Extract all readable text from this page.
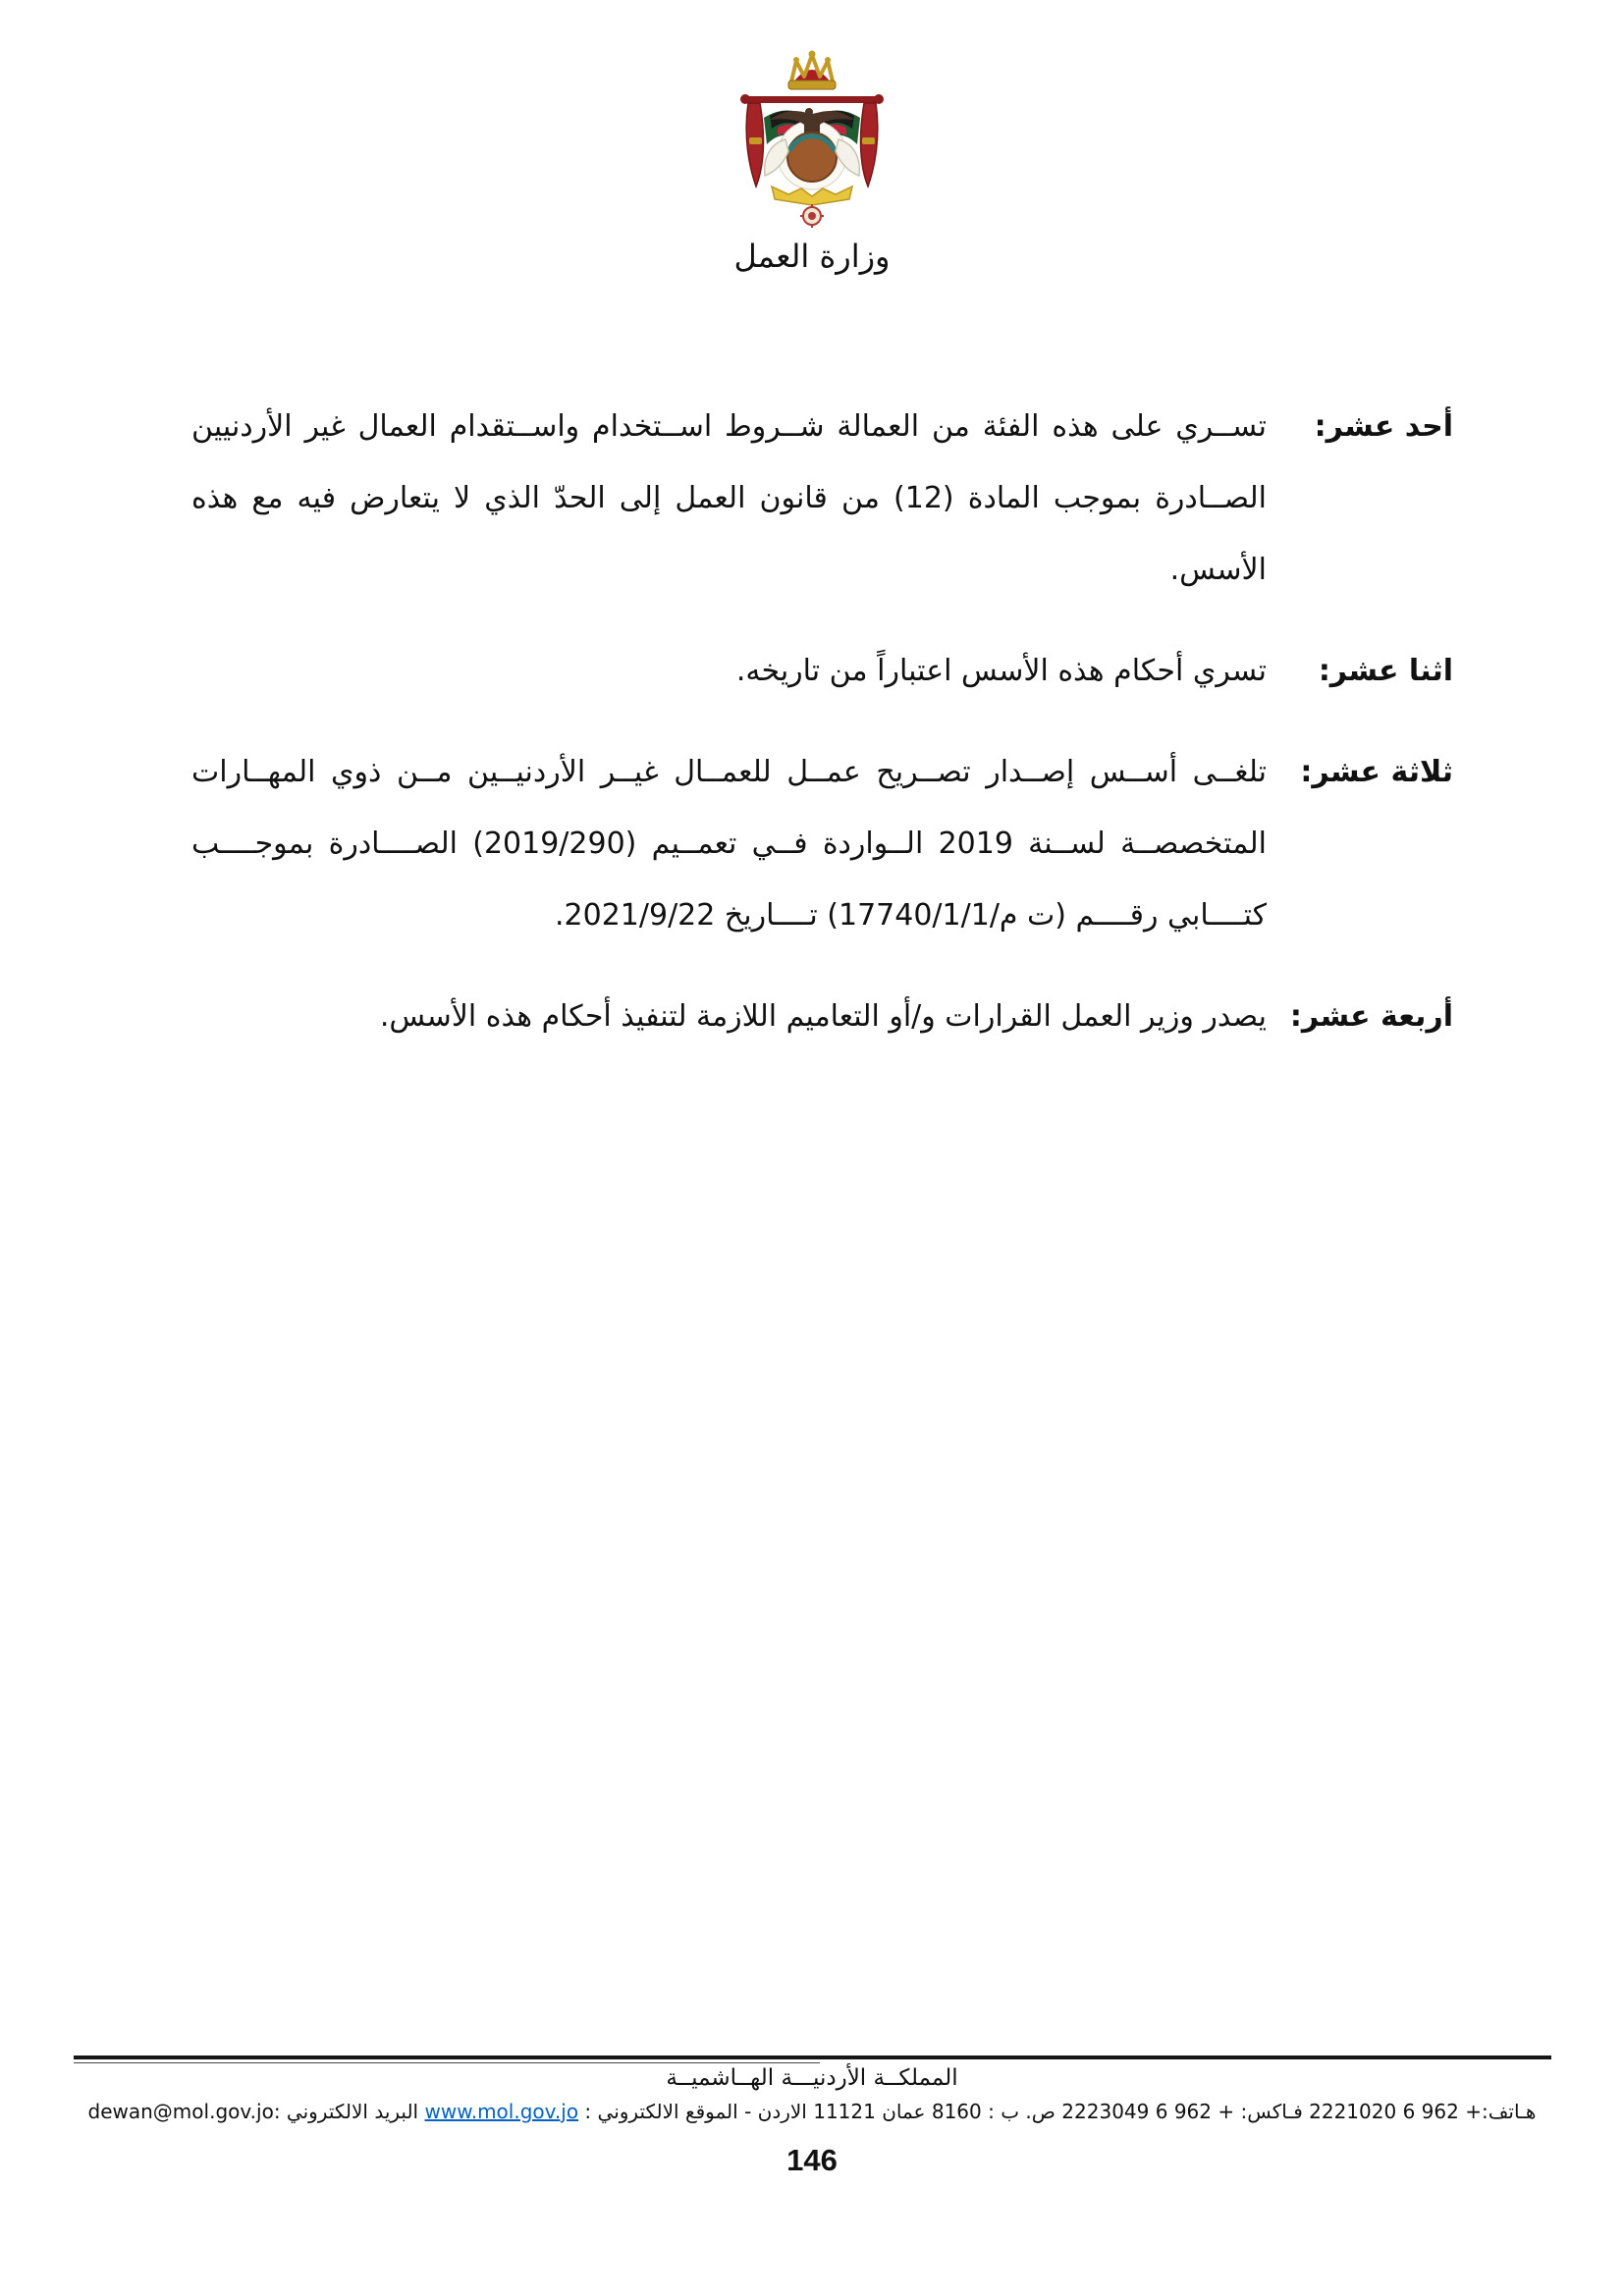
وزارة العمل
أحد عشر:
تســري على هذه الفئة من العمالة شــروط اســتخدام واســتقدام العمال غير الأردنيين الصــادرة بموجب المادة (12) من قانون العمل إلى الحدّ الذي لا يتعارض فيه مع هذه الأسس.
اثنا عشر:
تسري أحكام هذه الأسس اعتباراً من تاريخه.
ثلاثة عشر:
تلغــى أســس إصــدار تصــريح عمــل للعمــال غيــر الأردنيــين مــن ذوي المهــارات المتخصصــة لســنة 2019 الــواردة فــي تعمــيم (2019/290) الصــــادرة بموجــــب كتــــابي رقــــم (ت م/17740/1/1) تــــاريخ 2021/9/22.
أربعة عشر:
يصدر وزير العمل القرارات و/أو التعاميم اللازمة لتنفيذ أحكام هذه الأسس.
المملكــة الأردنيـــة الهــاشميــة
هـاتف:+ 962 6 2221020 فـاكس: + 962 6 2223049 ص. ب : 8160 عمان 11121 الاردن - الموقع الالكتروني : www.mol.gov.jo البريد الالكتروني :dewan@mol.gov.jo
146
